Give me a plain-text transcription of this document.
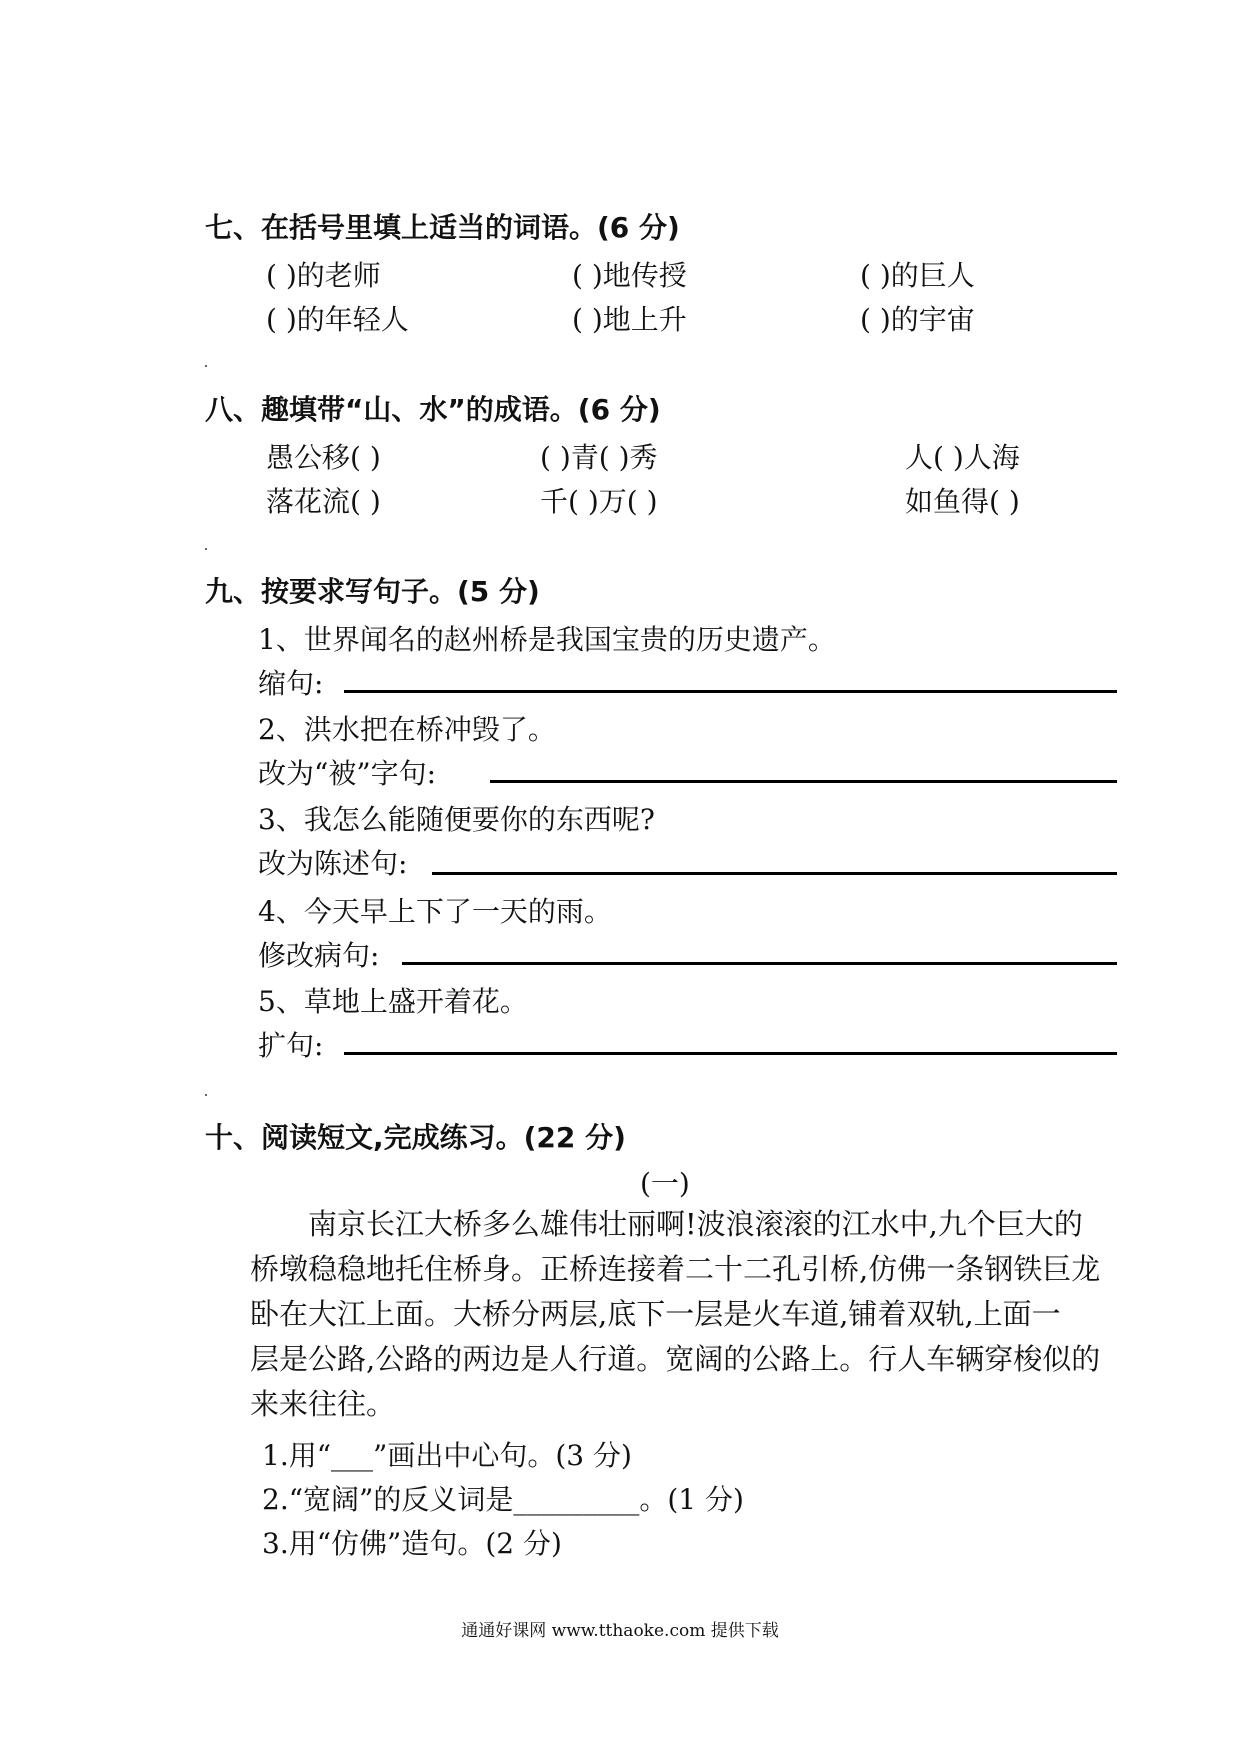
七、在括号里填上适当的词语。(6 分)
( )的老师	( )地传授	( )的巨人
( )的年轻人	( )地上升	( )的宇宙
八、趣填带“山、水”的成语。(6 分)
愚公移( )	( )青( )秀	人( )人海
落花流( )	千( )万( )	如鱼得( )
九、按要求写句子。(5 分)
1、世界闻名的赵州桥是我国宝贵的历史遗产。
缩句:
2、洪水把在桥冲毁了。
改为“被”字句:
3、我怎么能随便要你的东西呢?
改为陈述句:
4、今天早上下了一天的雨。
修改病句:
5、草地上盛开着花。
扩句:
十、阅读短文,完成练习。(22 分)
(一)
南京长江大桥多么雄伟壮丽啊!波浪滚滚的江水中,九个巨大的
桥墩稳稳地托住桥身。正桥连接着二十二孔引桥,仿佛一条钢铁巨龙
卧在大江上面。大桥分两层,底下一层是火车道,铺着双轨,上面一
层是公路,公路的两边是人行道。宽阔的公路上。行人车辆穿梭似的
来来往往。
1.用“___”画出中心句。(3 分)
2.“宽阔”的反义词是_________。(1 分)
3.用“仿佛”造句。(2 分)
通通好课网 www.tthaoke.com 提供下载
